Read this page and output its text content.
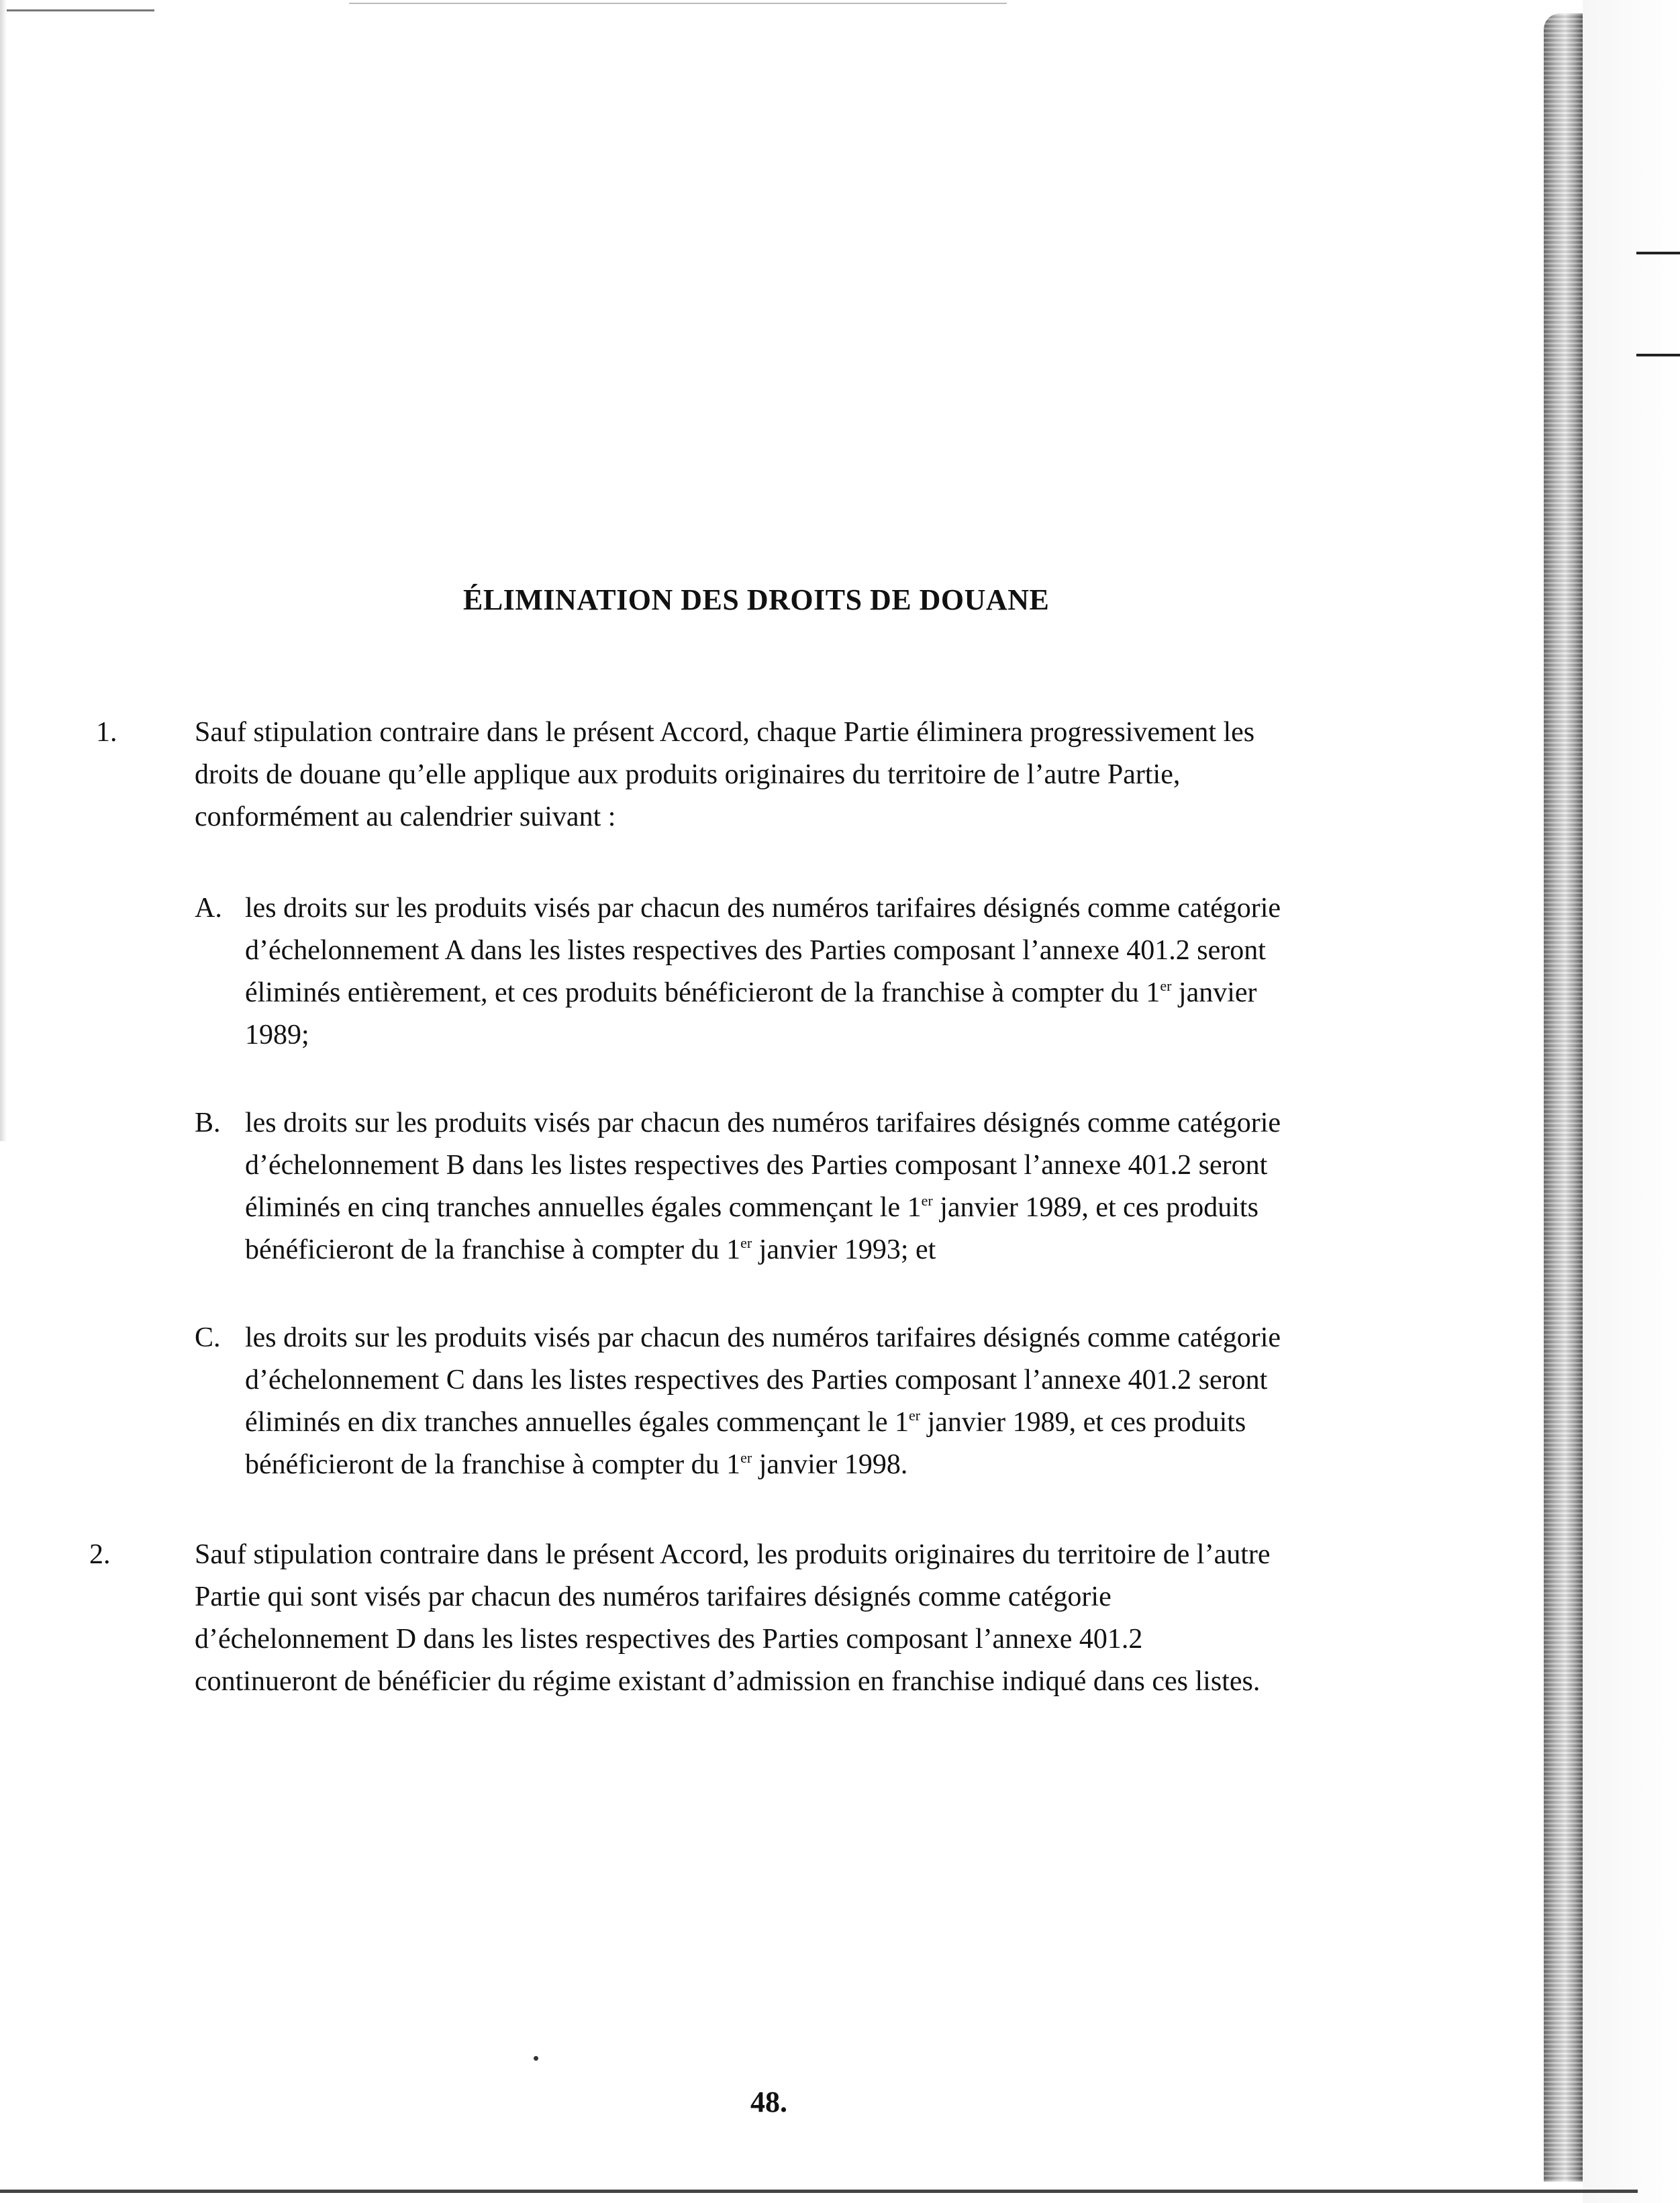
ÉLIMINATION DES DROITS DE DOUANE
1.	Sauf stipulation contraire dans le présent Accord, chaque Partie éliminera progressivement les
droits de douane qu’elle applique aux produits originaires du territoire de l’autre Partie,
conformément au calendrier suivant :
A. les droits sur les produits visés par chacun des numéros tarifaires désignés comme catégorie
d’échelonnement A dans les listes respectives des Parties composant l’annexe 401.2 seront
éliminés entièrement, et ces produits bénéficieront de la franchise à compter du 1er janvier
1989;
B. les droits sur les produits visés par chacun des numéros tarifaires désignés comme catégorie
d’échelonnement B dans les listes respectives des Parties composant l’annexe 401.2 seront
éliminés en cinq tranches annuelles égales commençant le 1er janvier 1989, et ces produits
bénéficieront de la franchise à compter du 1er janvier 1993; et
C. les droits sur les produits visés par chacun des numéros tarifaires désignés comme catégorie
d’échelonnement C dans les listes respectives des Parties composant l’annexe 401.2 seront
éliminés en dix tranches annuelles égales commençant le 1er janvier 1989, et ces produits
bénéficieront de la franchise à compter du 1er janvier 1998.
2.	Sauf stipulation contraire dans le présent Accord, les produits originaires du territoire de l’autre
Partie qui sont visés par chacun des numéros tarifaires désignés comme catégorie
d’échelonnement D dans les listes respectives des Parties composant l’annexe 401.2
continueront de bénéficier du régime existant d’admission en franchise indiqué dans ces listes.
48.
